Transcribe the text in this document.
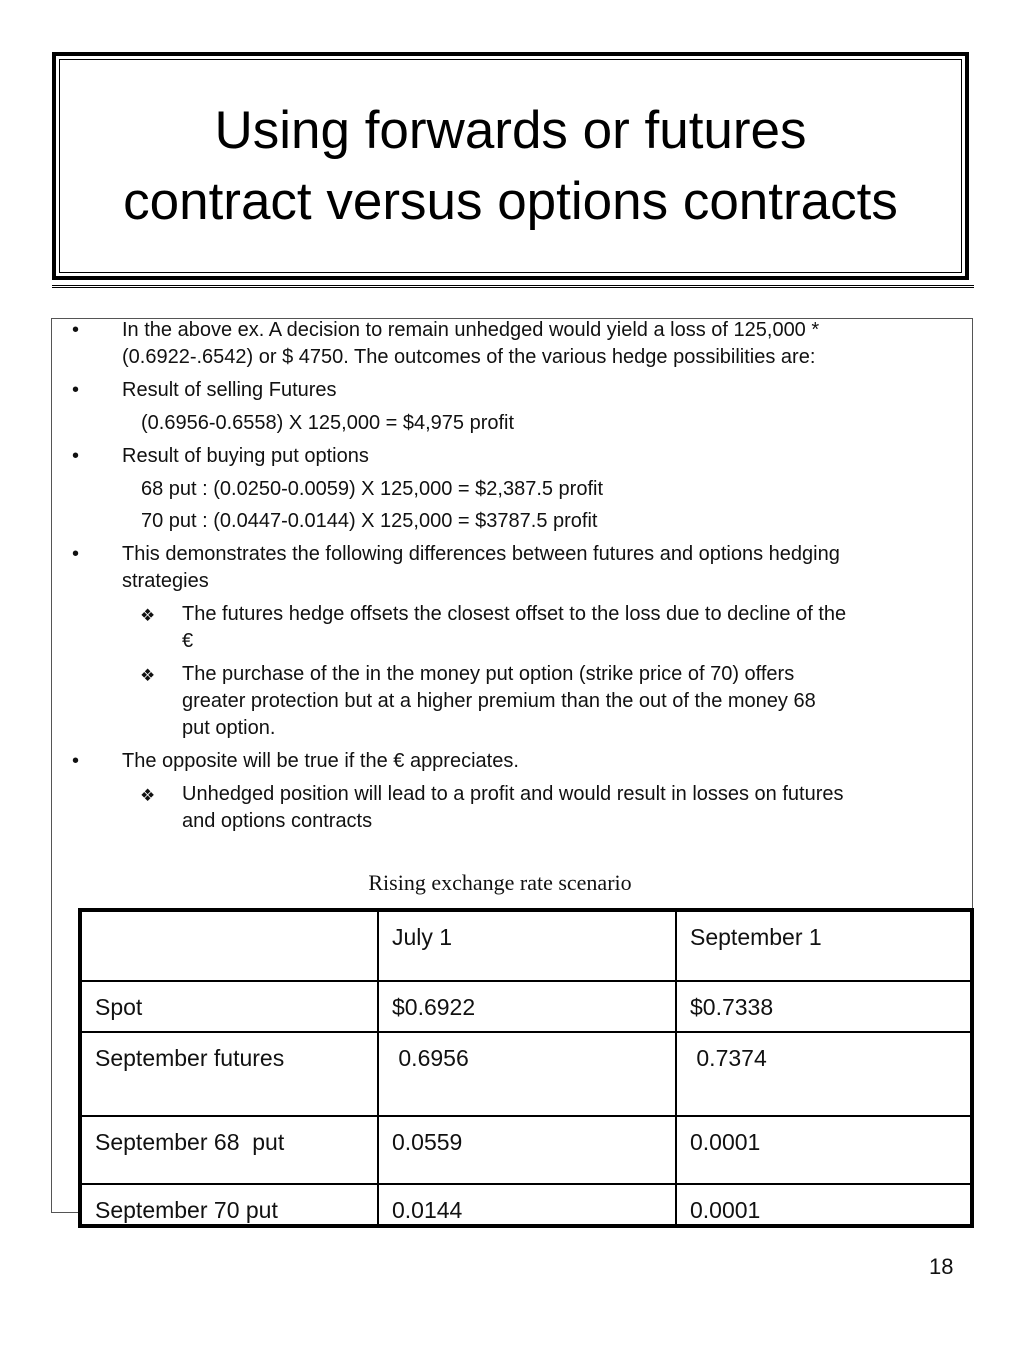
Using forwards or futures
contract versus options contracts
• In the above ex. A decision to remain unhedged would yield a loss of 125,000 *
(0.6922-.6542) or $ 4750. The outcomes of the various hedge possibilities are:
• Result of selling Futures
(0.6956-0.6558) X 125,000 = $4,975 profit
• Result of buying put options
68 put : (0.0250-0.0059) X 125,000 = $2,387.5 profit
70 put : (0.0447-0.0144) X 125,000 = $3787.5 profit
• This demonstrates the following differences between futures and options hedging
strategies
❖ The futures hedge offsets the closest offset to the loss due to decline of the
€
❖ The purchase of the in the money put option (strike price of 70) offers
greater protection but at a higher premium than the out of the money 68
put option.
• The opposite will be true if the € appreciates.
❖ Unhedged position will lead to a profit and would result in losses on futures
and options contracts
Rising exchange rate scenario
	July 1	September 1
Spot	$0.6922	$0.7338
September futures	0.6956	0.7374
September 68  put	0.0559	0.0001
September 70 put	0.0144	0.0001
18
